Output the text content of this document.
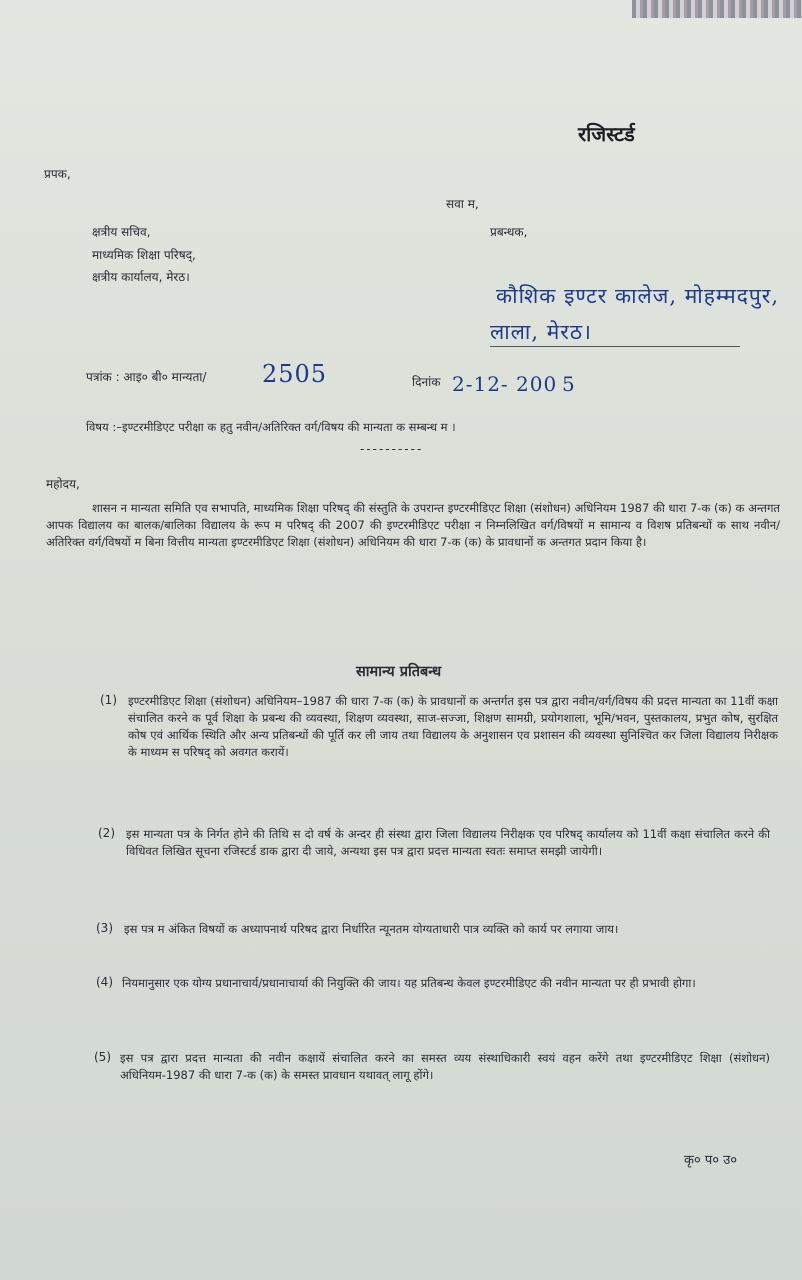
रजिस्टर्ड
प्रपक,
सवा म,
क्षत्रीय सचिव,
माध्यमिक शिक्षा परिषद्,
क्षत्रीय कार्यालय, मेरठ।
प्रबन्धक,
कौशिक इण्टर कालेज, मोहम्मदपुर,
लाला, मेरठ।
पत्रांक : आइ० बी० मान्यता/ 2505	दिनांक 2-12- 200 5
विषय :–इण्टरमीडिएट परीक्षा क हतु नवीन/अतिरिक्त वर्ग/विषय की मान्यता क सम्बन्ध म ।
----------
महोदय,
शासन न मान्यता समिति एव सभापति, माध्यमिक शिक्षा परिषद् की संस्तुति के उपरान्त इण्टरमीडिएट शिक्षा (संशोधन) अधिनियम 1987 की धारा 7-क (क) क अन्तगत आपक विद्यालय का बालक/बालिका विद्यालय के रूप म परिषद् की 2007 की इण्टरमीडिएट परीक्षा न निम्नलिखित वर्ग/विषयों म सामान्य व विशष प्रतिबन्धों क साथ नवीन/अतिरिक्त वर्ग/विषयों म बिना वित्तीय मान्यता इण्टरमीडिएट शिक्षा (संशोधन) अधिनियम की धारा 7-क (क) के प्रावधानों क अन्तगत प्रदान किया है।
सामान्य प्रतिबन्ध
(1) इण्टरमीडिएट शिक्षा (संशोधन) अधिनियम–1987 की धारा 7-क (क) के प्रावधानों क अन्तर्गत इस पत्र द्वारा नवीन/वर्ग/विषय की प्रदत्त मान्यता का 11वीं कक्षा संचालित करने क पूर्व शिक्षा के प्रबन्ध की व्यवस्था, शिक्षण व्यवस्था, साज-सज्जा, शिक्षण सामग्री, प्रयोगशाला, भूमि/भवन, पुस्तकालय, प्रभुत कोष, सुरक्षित कोष एवं आर्थिक स्थिति और अन्य प्रतिबन्धों की पूर्ति कर ली जाय तथा विद्यालय के अनुशासन एव प्रशासन की व्यवस्था सुनिश्चित कर जिला विद्यालय निरीक्षक के माध्यम स परिषद् को अवगत करायें।
(2) इस मान्यता पत्र के निर्गत होने की तिथि स दो वर्ष के अन्दर ही संस्था द्वारा जिला विद्यालय निरीक्षक एव परिषद् कार्यालय को 11वीं कक्षा संचालित करने की विधिवत लिखित सूचना रजिस्टर्ड डाक द्वारा दी जाये, अन्यथा इस पत्र द्वारा प्रदत्त मान्यता स्वतः समाप्त समझी जायेगी।
(3) इस पत्र म अंकित विषयों क अध्यापनार्थ परिषद द्वारा निर्धारित न्यूनतम योग्यताधारी पात्र व्यक्ति को कार्य पर लगाया जाय।
(4) नियमानुसार एक योग्य प्रधानाचार्य/प्रधानाचार्या की नियुक्ति की जाय। यह प्रतिबन्ध केवल इण्टरमीडिएट की नवीन मान्यता पर ही प्रभावी होगा।
(5) इस पत्र द्वारा प्रदत्त मान्यता की नवीन कक्षायें संचालित करने का समस्त व्यय संस्थाधिकारी स्वयं वहन करेंगे तथा इण्टरमीडिएट शिक्षा (संशोधन) अधिनियम-1987 की धारा 7-क (क) के समस्त प्रावधान यथावत् लागू होंगे।
कृ० प० उ०
